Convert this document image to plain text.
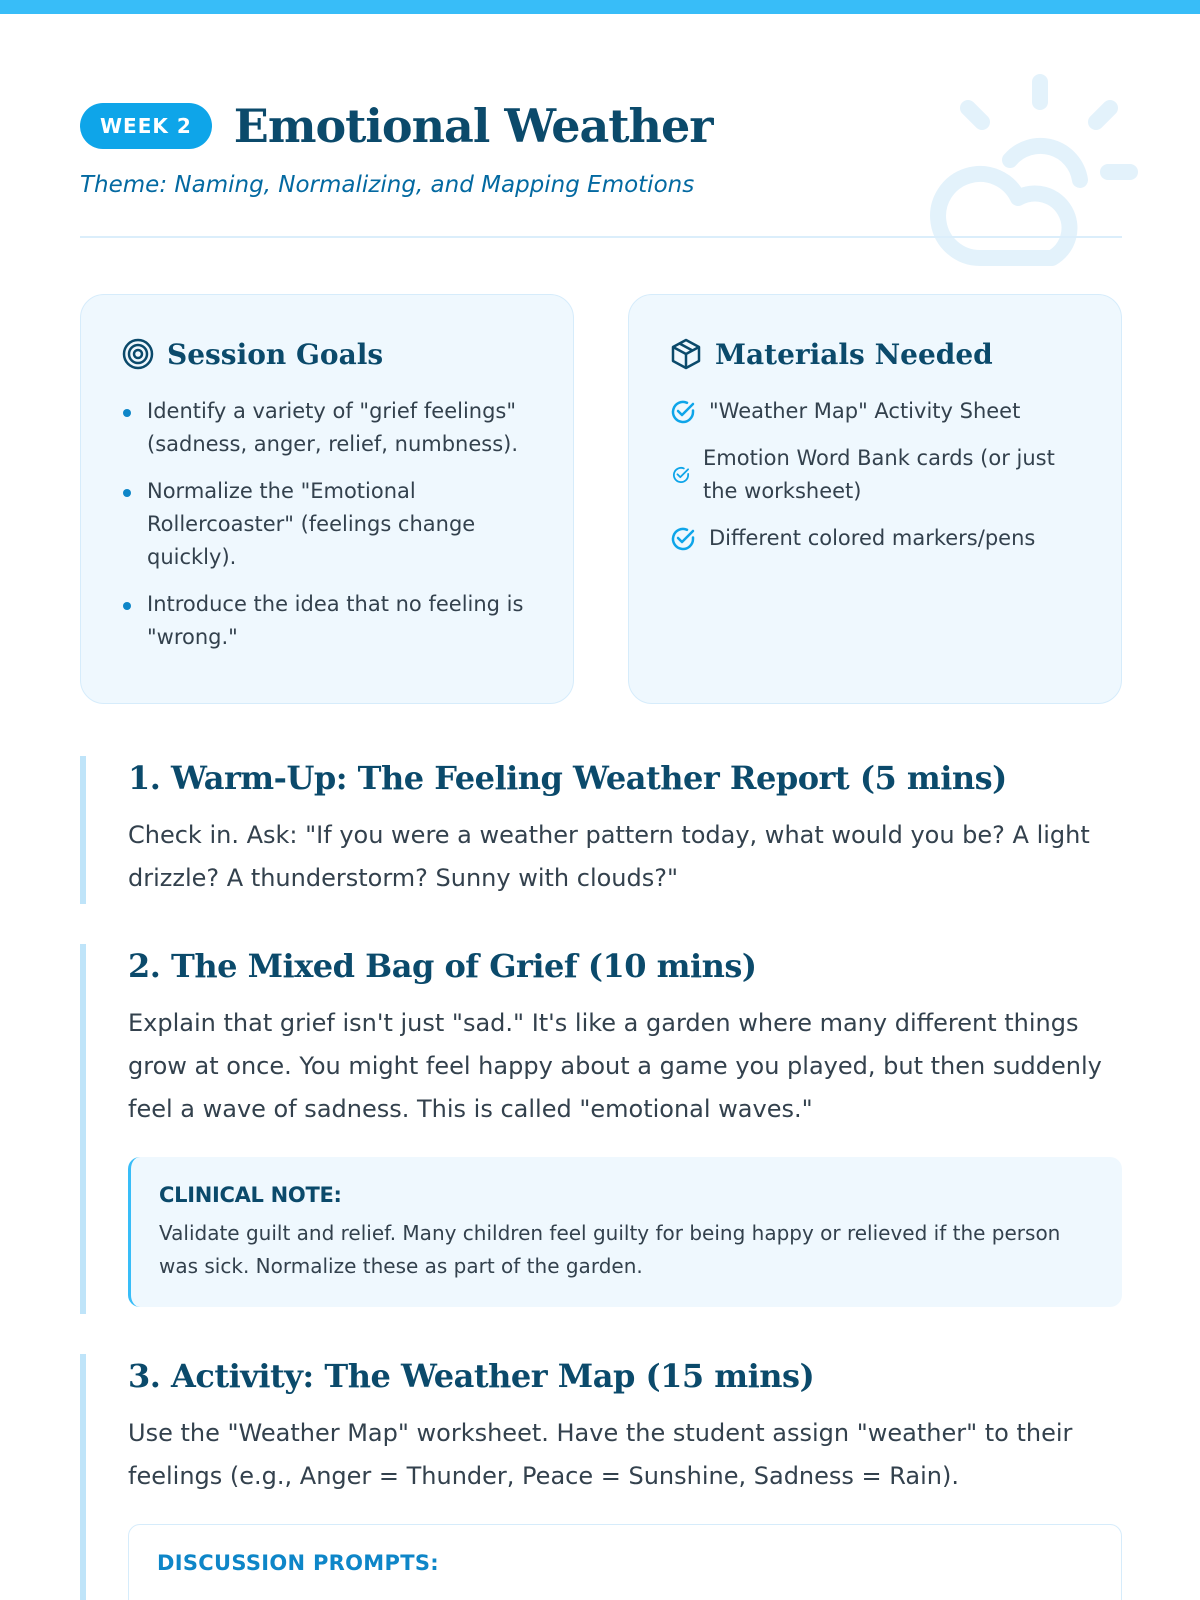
WEEK 2 Emotional Weather
Theme: Naming, Normalizing, and Mapping Emotions
Session Goals
Identify a variety of "grief feelings" (sadness, anger, relief, numbness).
Normalize the "Emotional Rollercoaster" (feelings change quickly).
Introduce the idea that no feeling is "wrong."
Materials Needed
"Weather Map" Activity Sheet
Emotion Word Bank cards (or just the worksheet)
Different colored markers/pens
1. Warm-Up: The Feeling Weather Report (5 mins)

Check in. Ask: "If you were a weather pattern today, what would you be? A light drizzle? A thunderstorm? Sunny with clouds?"

2. The Mixed Bag of Grief (10 mins)

Explain that grief isn't just "sad." It's like a garden where many different things grow at once. You might feel happy about a game you played, but then suddenly feel a wave of sadness. This is called "emotional waves."

CLINICAL NOTE:
Validate guilt and relief. Many children feel guilty for being happy or relieved if the person was sick. Normalize these as part of the garden.
3. Activity: The Weather Map (15 mins)

Use the "Weather Map" worksheet. Have the student assign "weather" to their feelings (e.g., Anger = Thunder, Peace = Sunshine, Sadness = Rain).

DISCUSSION PROMPTS:
